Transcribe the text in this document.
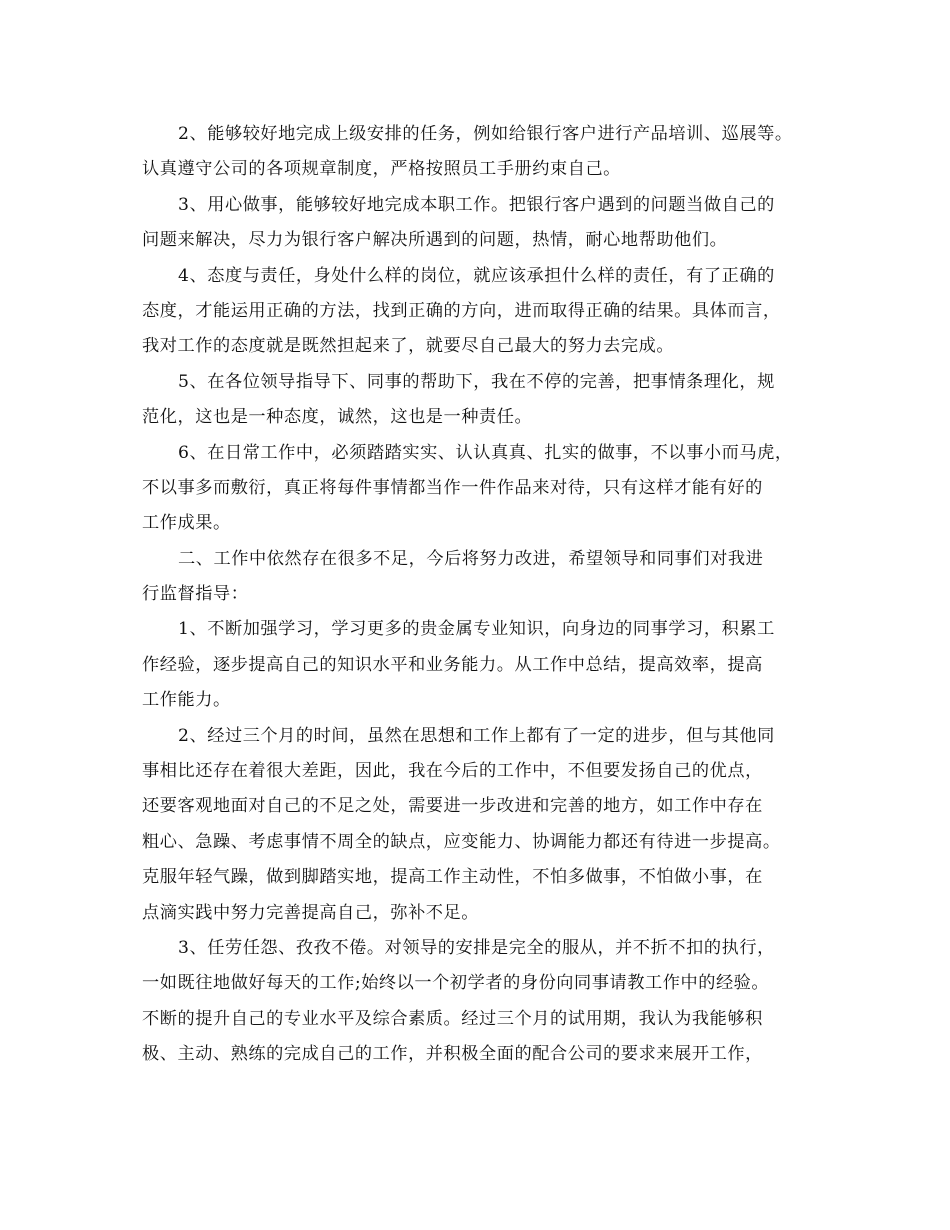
2、能够较好地完成上级安排的任务，例如给银行客户进行产品培训、巡展等。
认真遵守公司的各项规章制度，严格按照员工手册约束自己。
3、用心做事，能够较好地完成本职工作。把银行客户遇到的问题当做自己的
问题来解决，尽力为银行客户解决所遇到的问题，热情，耐心地帮助他们。
4、态度与责任，身处什么样的岗位，就应该承担什么样的责任，有了正确的
态度，才能运用正确的方法，找到正确的方向，进而取得正确的结果。具体而言，
我对工作的态度就是既然担起来了，就要尽自己最大的努力去完成。
5、在各位领导指导下、同事的帮助下，我在不停的完善，把事情条理化，规
范化，这也是一种态度，诚然，这也是一种责任。
6、在日常工作中，必须踏踏实实、认认真真、扎实的做事，不以事小而马虎，
不以事多而敷衍，真正将每件事情都当作一件作品来对待，只有这样才能有好的
工作成果。
二、工作中依然存在很多不足，今后将努力改进，希望领导和同事们对我进
行监督指导：
1、不断加强学习，学习更多的贵金属专业知识，向身边的同事学习，积累工
作经验，逐步提高自己的知识水平和业务能力。从工作中总结，提高效率，提高
工作能力。
2、经过三个月的时间，虽然在思想和工作上都有了一定的进步，但与其他同
事相比还存在着很大差距，因此，我在今后的工作中，不但要发扬自己的优点，
还要客观地面对自己的不足之处，需要进一步改进和完善的地方，如工作中存在
粗心、急躁、考虑事情不周全的缺点，应变能力、协调能力都还有待进一步提高。
克服年轻气躁，做到脚踏实地，提高工作主动性，不怕多做事，不怕做小事，在
点滴实践中努力完善提高自己，弥补不足。
3、任劳任怨、孜孜不倦。对领导的安排是完全的服从，并不折不扣的执行，
一如既往地做好每天的工作;始终以一个初学者的身份向同事请教工作中的经验。
不断的提升自己的专业水平及综合素质。经过三个月的试用期，我认为我能够积
极、主动、熟练的完成自己的工作，并积极全面的配合公司的要求来展开工作，
